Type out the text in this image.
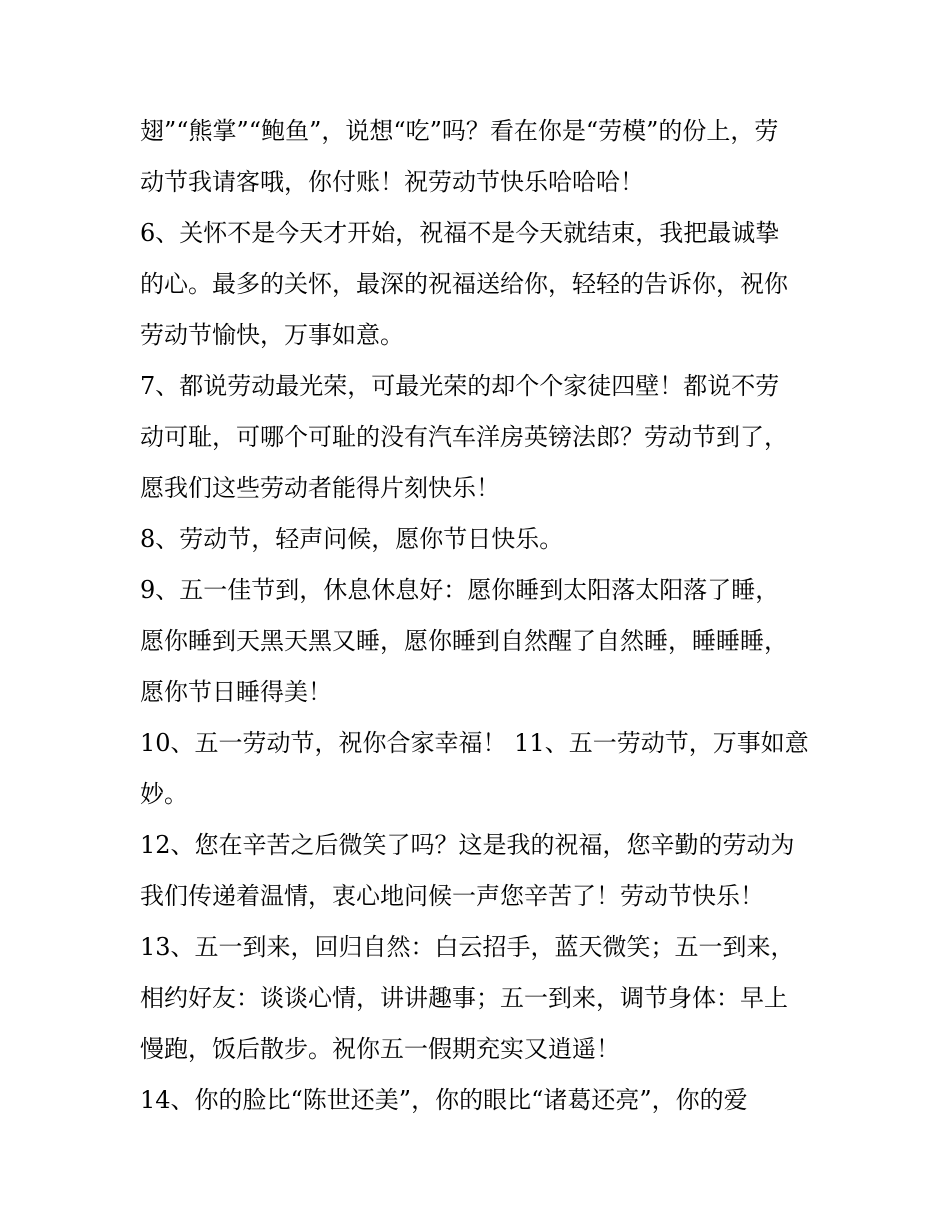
翅”“熊掌”“鲍鱼”，说想“吃”吗？看在你是“劳模”的份上，劳
动节我请客哦，你付账！祝劳动节快乐哈哈哈！
6、关怀不是今天才开始，祝福不是今天就结束，我把最诚挚
的心。最多的关怀，最深的祝福送给你，轻轻的告诉你，祝你
劳动节愉快，万事如意。
7、都说劳动最光荣，可最光荣的却个个家徒四壁！都说不劳
动可耻，可哪个可耻的没有汽车洋房英镑法郎？劳动节到了，
愿我们这些劳动者能得片刻快乐！
8、劳动节，轻声问候，愿你节日快乐。
9、五一佳节到，休息休息好：愿你睡到太阳落太阳落了睡，
愿你睡到天黑天黑又睡，愿你睡到自然醒了自然睡，睡睡睡，
愿你节日睡得美！
10、五一劳动节，祝你合家幸福！ 11、五一劳动节，万事如意
妙。
12、您在辛苦之后微笑了吗？这是我的祝福，您辛勤的劳动为
我们传递着温情，衷心地问候一声您辛苦了！劳动节快乐！
13、五一到来，回归自然：白云招手，蓝天微笑；五一到来，
相约好友：谈谈心情，讲讲趣事；五一到来，调节身体：早上
慢跑，饭后散步。祝你五一假期充实又逍遥！
14、你的脸比“陈世还美”，你的眼比“诸葛还亮”，你的爱
